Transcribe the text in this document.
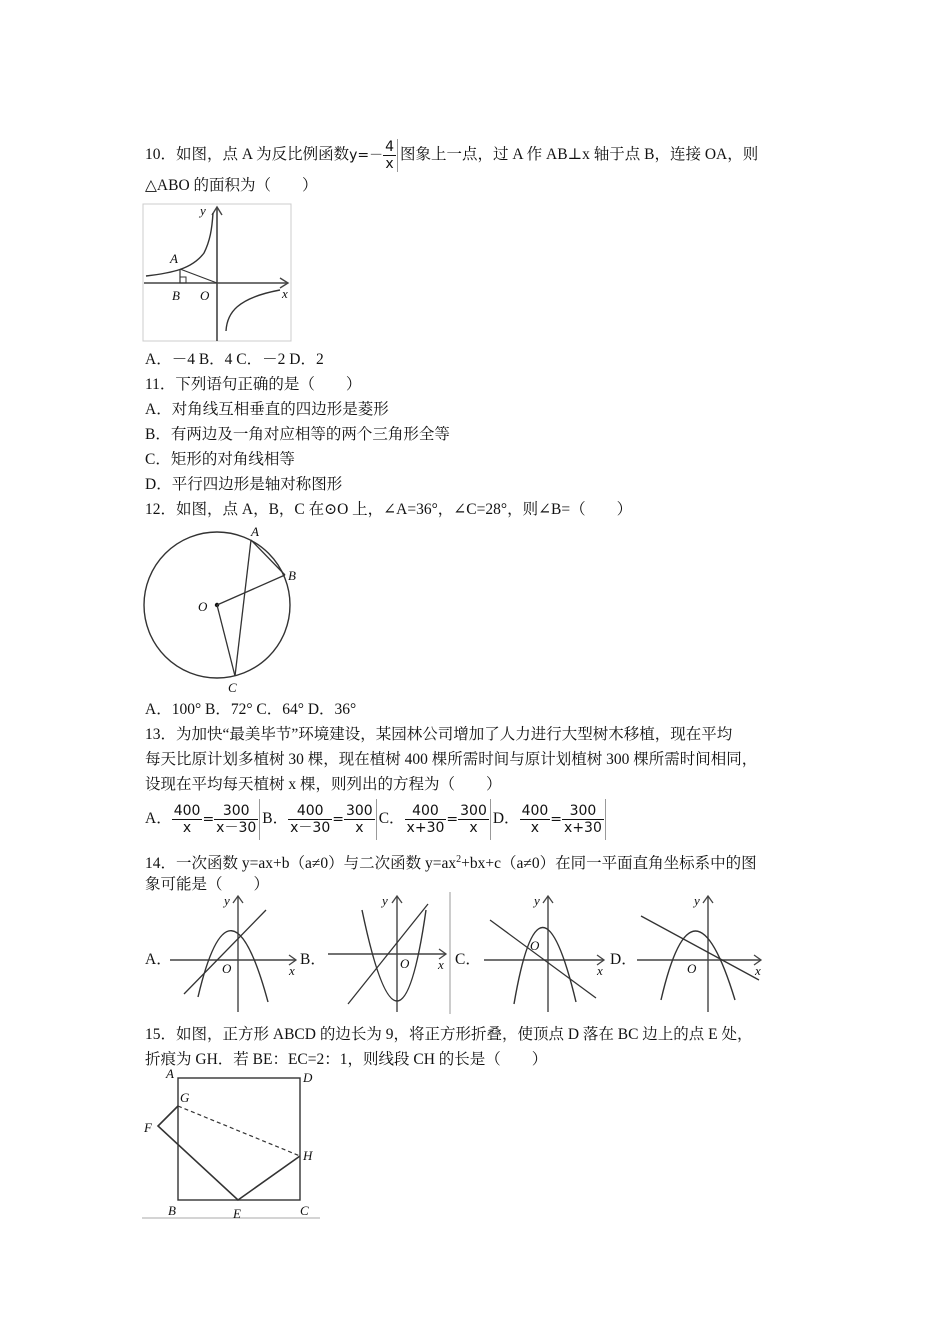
10．如图，点 A 为反比例函数$y=- \frac{4}{x}$ 图象上一点，过 A 作 AB⊥x 轴于点 B，连接 OA，则
△ABO 的面积为（　　）
y
x
A
B O
A．－4 B．4 C．－2 D．2
11．下列语句正确的是（　　）
A．对角线互相垂直的四边形是菱形
B．有两边及一角对应相等的两个三角形全等
C．矩形的对角线相等
D．平行四边形是轴对称图形
12．如图，点 A，B，C 在⊙O 上，∠A=36°，∠C=28°，则∠B=（　　）
A
B
C
O
A．100° B．72° C．64° D．36°
13．为加快“最美毕节”环境建设，某园林公司增加了人力进行大型树木移植，现在平均
每天比原计划多植树 30 棵，现在植树 400 棵所需时间与原计划植树 300 棵所需时间相同，
设现在平均每天植树 x 棵，则列出的方程为（　　）
A． $\frac{400}{x} = \frac{300}{x-30}$ B． $\frac{400}{x-30} = \frac{300}{x}$ C． $\frac{400}{x+30} = \frac{300}{x}$ D． $\frac{400}{x} = \frac{300}{x+30}$
14．一次函数 y=ax+b（a≠0）与二次函数 $y=ax^2+bx+c(a\ne 0)$在同一平面直角坐标系中的图
象可能是（　　）
A．	B．	C．	D．
y
x
O
y
x
O
y
x
O
y
x
O
15．如图，正方形 ABCD 的边长为 9，将正方形折叠，使顶点 D 落在 BC 边上的点 E 处，
折痕为 GH．若 BE：EC=2：1，则线段 CH 的长是（　　）
A	D
G
F
H
B	E	C
